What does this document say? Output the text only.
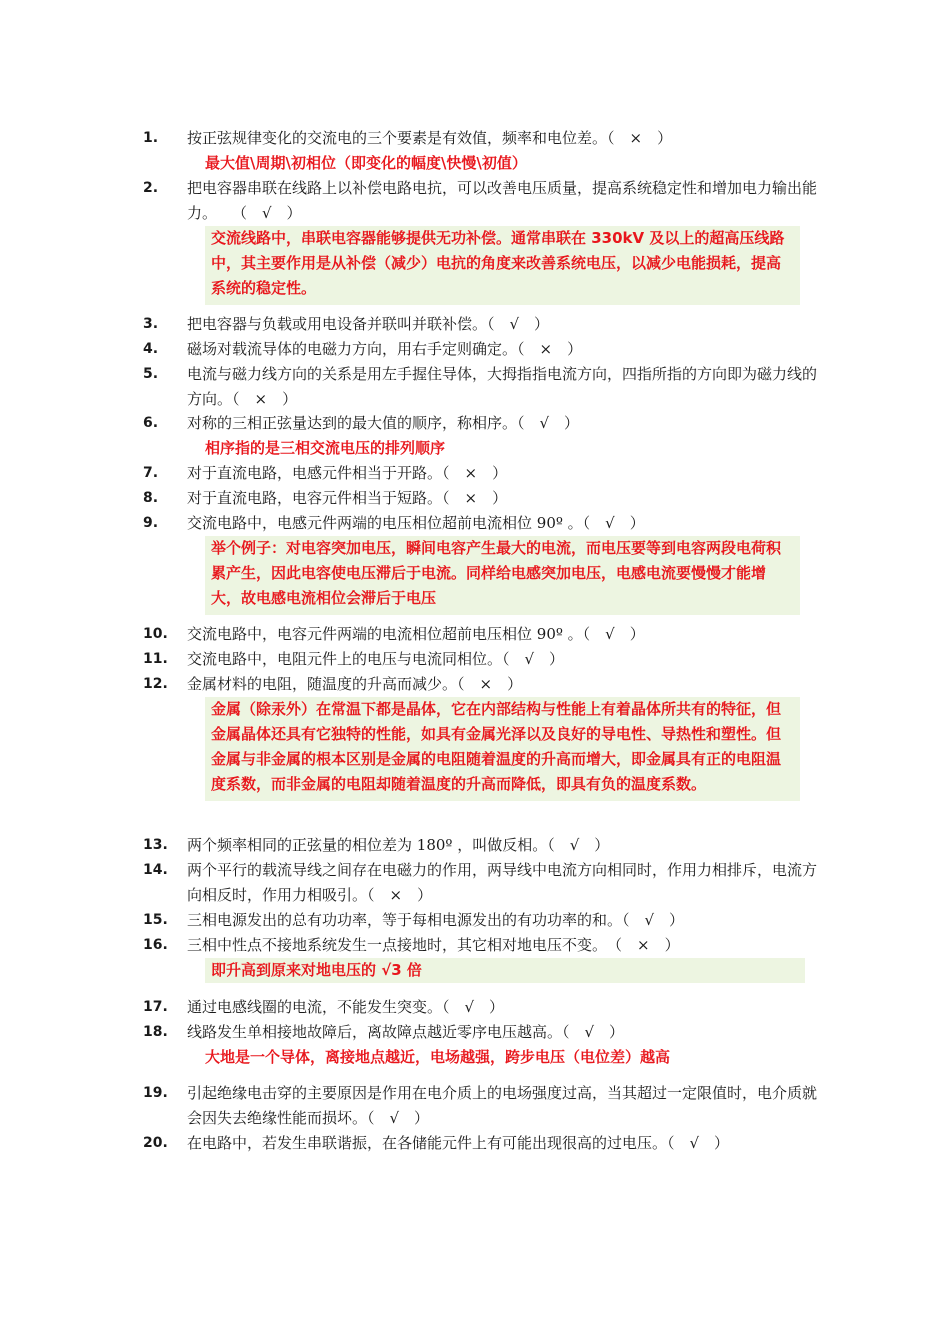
1.	按正弦规律变化的交流电的三个要素是有效值，频率和电位差。（　×　）
最大值\周期\初相位（即变化的幅度\快慢\初值）
2.	把电容器串联在线路上以补偿电路电抗，可以改善电压质量，提高系统稳定性和增加电力输出能力。　　（　√　）
交流线路中，串联电容器能够提供无功补偿。通常串联在 330kV 及以上的超高压线路中，其主要作用是从补偿（减少）电抗的角度来改善系统电压，以减少电能损耗，提高系统的稳定性。
3.	把电容器与负载或用电设备并联叫并联补偿。（　√　）
4.	磁场对载流导体的电磁力方向，用右手定则确定。（　×　）
5.	电流与磁力线方向的关系是用左手握住导体，大拇指指电流方向，四指所指的方向即为磁力线的方向。（　×　）
6.	对称的三相正弦量达到的最大值的顺序，称相序。（　√　）
相序指的是三相交流电压的排列顺序
7.	对于直流电路，电感元件相当于开路。（　×　）
8.	对于直流电路，电容元件相当于短路。（　×　）
9.	交流电路中，电感元件两端的电压相位超前电流相位 90º 。（　√　）
举个例子：对电容突加电压，瞬间电容产生最大的电流，而电压要等到电容两段电荷积累产生，因此电容使电压滞后于电流。同样给电感突加电压，电感电流要慢慢才能增大，故电感电流相位会滞后于电压
10.	交流电路中，电容元件两端的电流相位超前电压相位 90º 。（　√　）
11.	交流电路中，电阻元件上的电压与电流同相位。（　√　）
12.	金属材料的电阻，随温度的升高而减少。（　×　）
金属（除汞外）在常温下都是晶体，它在内部结构与性能上有着晶体所共有的特征，但金属晶体还具有它独特的性能，如具有金属光泽以及良好的导电性、导热性和塑性。但金属与非金属的根本区别是金属的电阻随着温度的升高而增大，即金属具有正的电阻温度系数，而非金属的电阻却随着温度的升高而降低，即具有负的温度系数。
13.	两个频率相同的正弦量的相位差为 180º ，叫做反相。（　√　）
14.	两个平行的载流导线之间存在电磁力的作用，两导线中电流方向相同时，作用力相排斥，电流方向相反时，作用力相吸引。（　×　）
15.	三相电源发出的总有功功率，等于每相电源发出的有功功率的和。（　√　）
16.	三相中性点不接地系统发生一点接地时，其它相对地电压不变。　（　×　）
即升高到原来对地电压的 √3 倍
17.	通过电感线圈的电流，不能发生突变。（　√　）
18.	线路发生单相接地故障后，离故障点越近零序电压越高。（　√　）
大地是一个导体，离接地点越近，电场越强，跨步电压（电位差）越高
19.	引起绝缘电击穿的主要原因是作用在电介质上的电场强度过高，当其超过一定限值时，电介质就会因失去绝缘性能而损坏。（　√　）
20.	在电路中，若发生串联谐振，在各储能元件上有可能出现很高的过电压。（　√　）
